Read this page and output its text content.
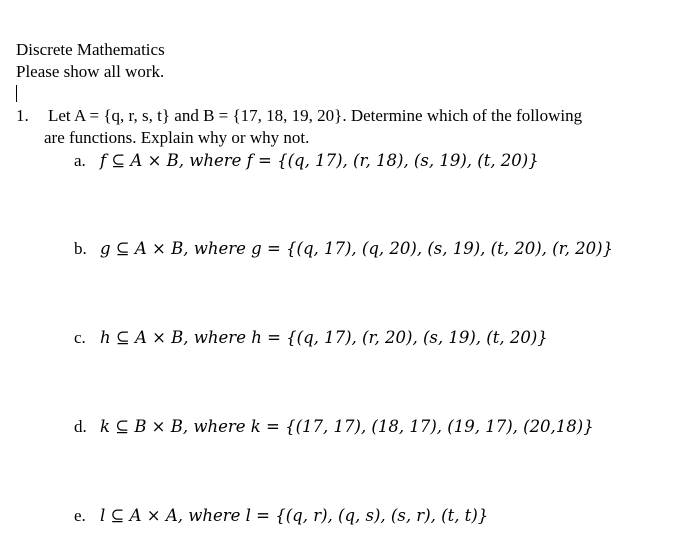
Discrete Mathematics
Please show all work.
1. Let A = {q, r, s, t} and B = {17, 18, 19, 20}. Determine which of the following
are functions. Explain why or why not.
a. f ⊆ A × B, where f = {(q, 17), (r, 18), (s, 19), (t, 20)}
b. g ⊆ A × B, where g = {(q, 17), (q, 20), (s, 19), (t, 20), (r, 20)}
c. h ⊆ A × B, where h = {(q, 17), (r, 20), (s, 19), (t, 20)}
d. k ⊆ B × B, where k = {(17, 17), (18, 17), (19, 17), (20,18)}
e. l ⊆ A × A, where l = {(q, r), (q, s), (s, r), (t, t)}
